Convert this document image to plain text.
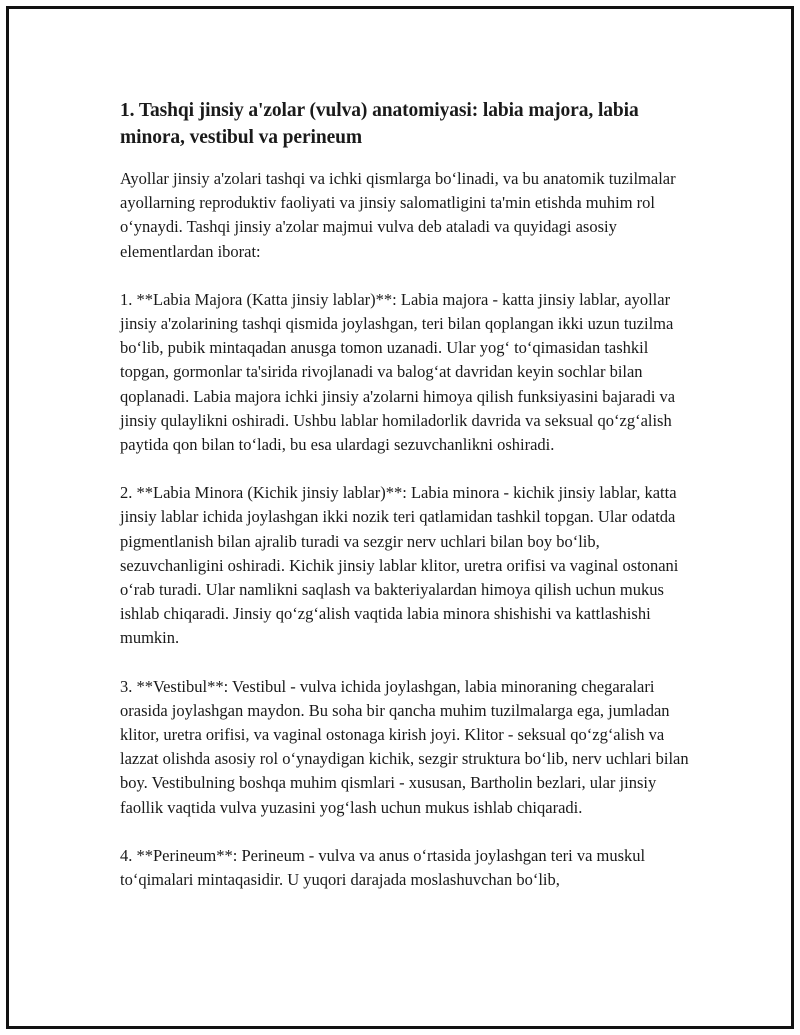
1. Tashqi jinsiy a'zolar (vulva) anatomiyasi: labia majora, labia minora, vestibul va perineum

Ayollar jinsiy a'zolari tashqi va ichki qismlarga bo‘linadi, va bu anatomik tuzilmalar ayollarning reproduktiv faoliyati va jinsiy salomatligini ta'min etishda muhim rol o‘ynaydi. Tashqi jinsiy a'zolar majmui vulva deb ataladi va quyidagi asosiy elementlardan iborat:

1. **Labia Majora (Katta jinsiy lablar)**: Labia majora - katta jinsiy lablar, ayollar jinsiy a'zolarining tashqi qismida joylashgan, teri bilan qoplangan ikki uzun tuzilma bo‘lib, pubik mintaqadan anusga tomon uzanadi. Ular yog‘ to‘qimasidan tashkil topgan, gormonlar ta'sirida rivojlanadi va balog‘at davridan keyin sochlar bilan qoplanadi. Labia majora ichki jinsiy a'zolarni himoya qilish funksiyasini bajaradi va jinsiy qulaylikni oshiradi. Ushbu lablar homiladorlik davrida va seksual qo‘zg‘alish paytida qon bilan to‘ladi, bu esa ulardagi sezuvchanlikni oshiradi.

2. **Labia Minora (Kichik jinsiy lablar)**: Labia minora - kichik jinsiy lablar, katta jinsiy lablar ichida joylashgan ikki nozik teri qatlamidan tashkil topgan. Ular odatda pigmentlanish bilan ajralib turadi va sezgir nerv uchlari bilan boy bo‘lib, sezuvchanligini oshiradi. Kichik jinsiy lablar klitor, uretra orifisi va vaginal ostonani o‘rab turadi. Ular namlikni saqlash va bakteriyalardan himoya qilish uchun mukus ishlab chiqaradi. Jinsiy qo‘zg‘alish vaqtida labia minora shishishi va kattlashishi mumkin.

3. **Vestibul**: Vestibul - vulva ichida joylashgan, labia minoraning chegaralari orasida joylashgan maydon. Bu soha bir qancha muhim tuzilmalarga ega, jumladan klitor, uretra orifisi, va vaginal ostonaga kirish joyi. Klitor - seksual qo‘zg‘alish va lazzat olishda asosiy rol o‘ynaydigan kichik, sezgir struktura bo‘lib, nerv uchlari bilan boy. Vestibulning boshqa muhim qismlari - xususan, Bartholin bezlari, ular jinsiy faollik vaqtida vulva yuzasini yog‘lash uchun mukus ishlab chiqaradi.

4. **Perineum**: Perineum - vulva va anus o‘rtasida joylashgan teri va muskul to‘qimalari mintaqasidir. U yuqori darajada moslashuvchan bo‘lib,
